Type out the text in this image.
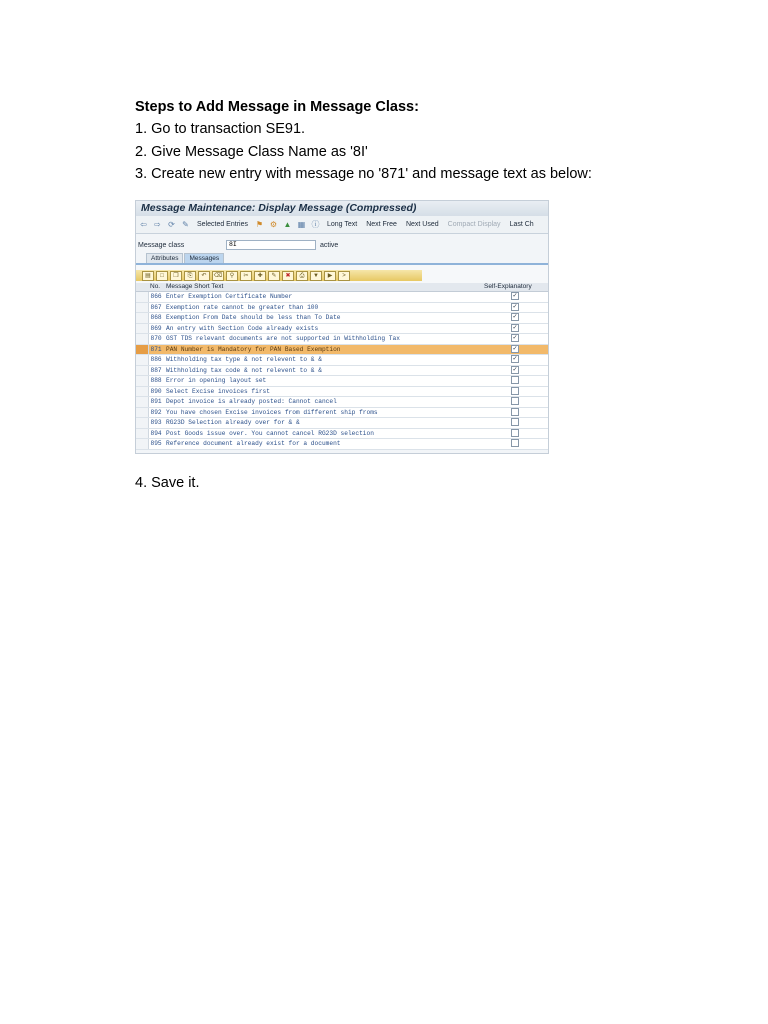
Steps to Add Message in Message Class:

1. Go to transaction SE91.

2. Give Message Class Name as '8I'

3. Create new entry with message no '871' and message text as below:

Message Maintenance: Display Message (Compressed)
⇦ ⇨ ⟳ ✎ Selected Entries ⚑ ⚙ ▲ ▦ ⓘ Long Text Next Free Next Used Compact Display Last Ch
Message class	8I	active
Attributes	Messages
▤	□	❐	⎘	↶	⌫	⚲	✂	✚	✎	✖	⎙	▼	▶	>
	No.	Message Short Text	Self-Explanatory
	866	Enter Exemption Certificate Number	✓
	867	Exemption rate cannot be greater than 100	✓
	868	Exemption From Date should be less than To Date	✓
	869	An entry with Section Code already exists	✓
	870	GST TDS relevant documents are not supported in Withholding Tax	✓
	871	PAN Number is Mandatory for PAN Based Exemption	✓
	886	Withholding tax type & not relevent to & &	✓
	887	Withholding tax code & not relevent to & &	✓
	888	Error in opening layout set	
	890	Select Excise invoices first	
	891	Depot invoice is already posted: Cannot cancel	
	892	You have chosen Excise invoices from different ship froms	
	893	RG23D Selection already over for & &	
	894	Post Goods issue over. You cannot cancel RG23D selection	
	895	Reference document already exist for a document	
4. Save it.
